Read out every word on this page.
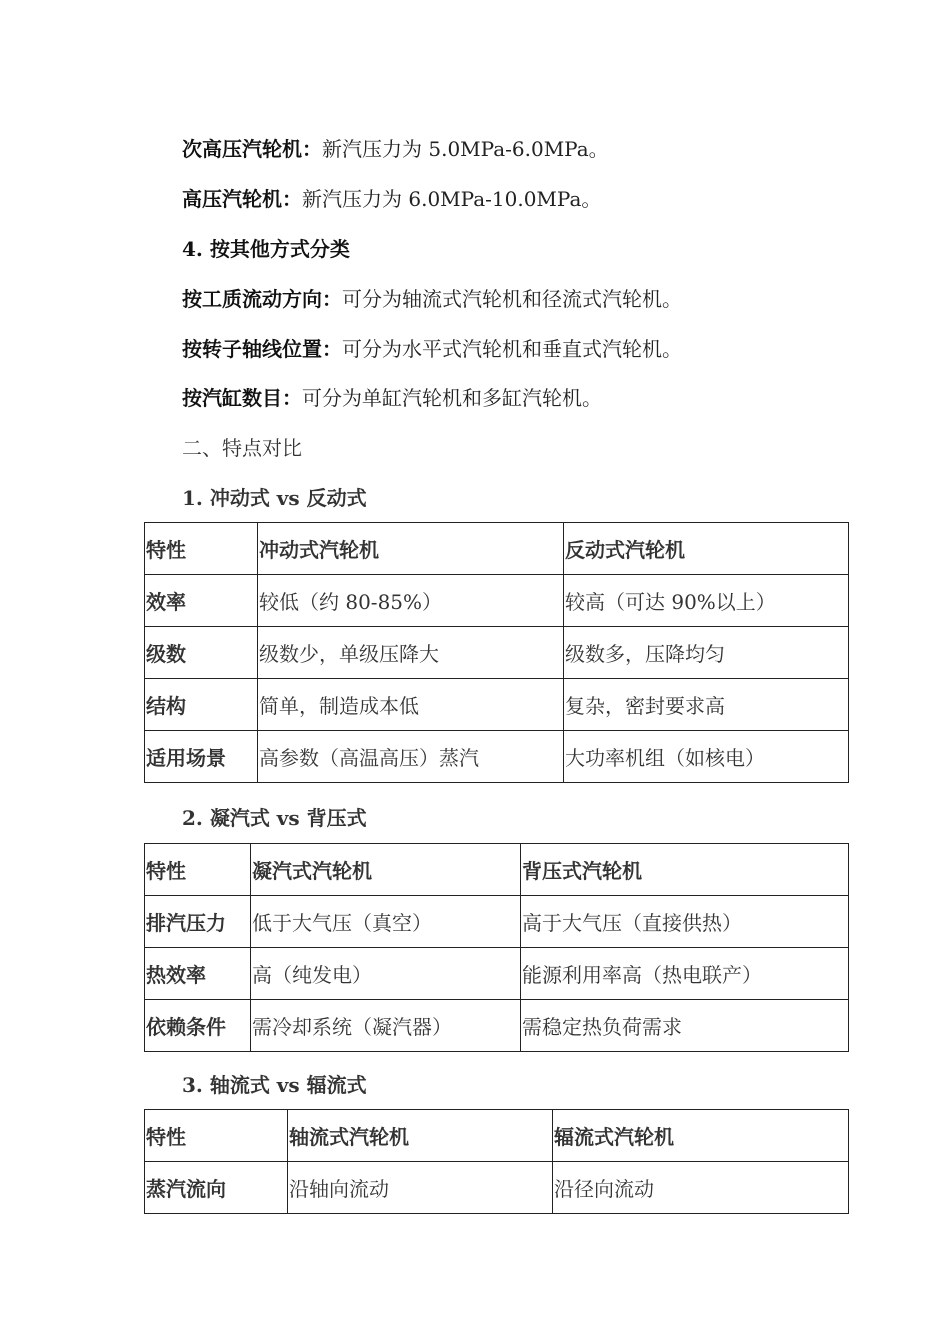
次高压汽轮机：新汽压力为 5.0MPa-6.0MPa。
高压汽轮机：新汽压力为 6.0MPa-10.0MPa。
4. 按其他方式分类
按工质流动方向：可分为轴流式汽轮机和径流式汽轮机。
按转子轴线位置：可分为水平式汽轮机和垂直式汽轮机。
按汽缸数目：可分为单缸汽轮机和多缸汽轮机。
二、特点对比
1. 冲动式 vs 反动式
特性	冲动式汽轮机	反动式汽轮机
效率	较低（约 80-85%）	较高（可达 90%以上）
级数	级数少，单级压降大	级数多，压降均匀
结构	简单，制造成本低	复杂，密封要求高
适用场景	高参数（高温高压）蒸汽	大功率机组（如核电）
2. 凝汽式 vs 背压式
特性	凝汽式汽轮机	背压式汽轮机
排汽压力	低于大气压（真空）	高于大气压（直接供热）
热效率	高（纯发电）	能源利用率高（热电联产）
依赖条件	需冷却系统（凝汽器）	需稳定热负荷需求
3. 轴流式 vs 辐流式
特性	轴流式汽轮机	辐流式汽轮机
蒸汽流向	沿轴向流动	沿径向流动
